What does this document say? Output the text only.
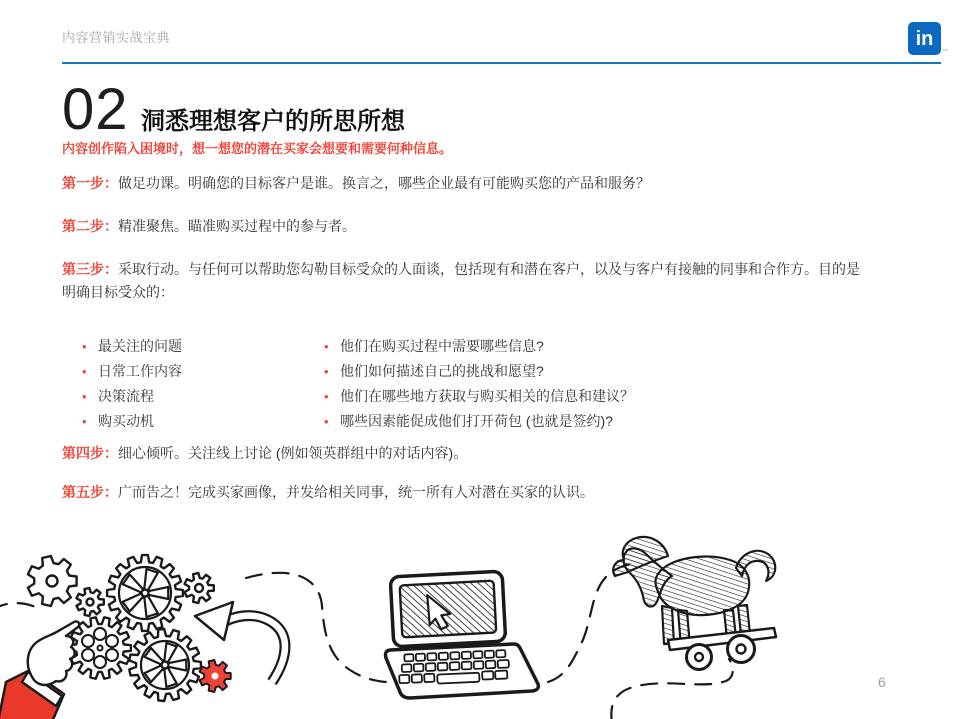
内容营销实战宝典	in
™
02 洞悉理想客户的所思所想
内容创作陷入困境时，想一想您的潜在买家会想要和需要何种信息。

第一步：做足功课。明确您的目标客户是谁。换言之，哪些企业最有可能购买您的产品和服务？

第二步：精准聚焦。瞄准购买过程中的参与者。

第三步：采取行动。与任何可以帮助您勾勒目标受众的人面谈，包括现有和潜在客户，以及与客户有接触的同事和合作方。目的是明确目标受众的：

• 最关注的问题
• 日常工作内容
• 决策流程
• 购买动机
• 他们在购买过程中需要哪些信息?
• 他们如何描述自己的挑战和愿望?
• 他们在哪些地方获取与购买相关的信息和建议？
• 哪些因素能促成他们打开荷包 (也就是签约)?

第四步：细心倾听。关注线上讨论 (例如领英群组中的对话内容)。

第五步：广而告之！完成买家画像，并发给相关同事，统一所有人对潜在买家的认识。

6
